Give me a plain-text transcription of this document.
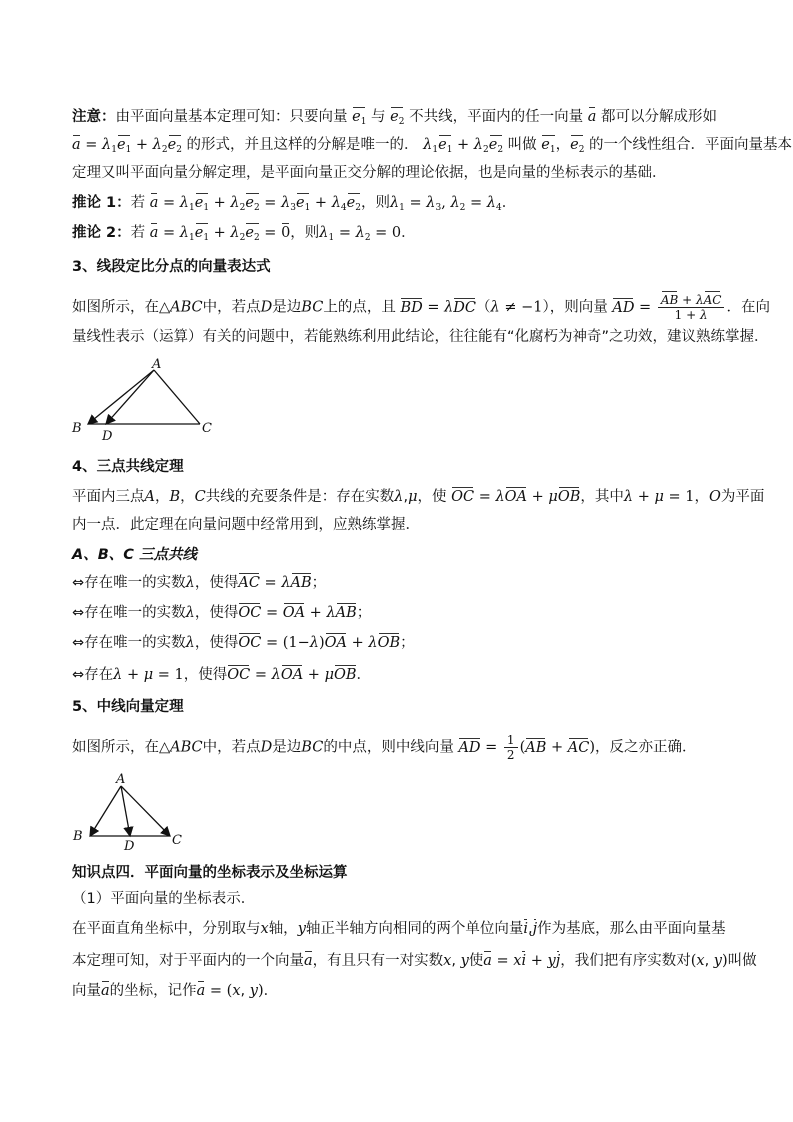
注意：由平面向量基本定理可知：只要向量 $e_1$ 与 $e_2$ 不共线，平面内的任一向量 a 都可以分解成形如
$a = \lambda_1e_1 + \lambda_2e_2$ 的形式，并且这样的分解是唯一的． $\lambda_1e_1 + \lambda_2e_2$ 叫做 $e_1$，$e_2$ 的一个线性组合．平面向量基本
定理又叫平面向量分解定理，是平面向量正交分解的理论依据，也是向量的坐标表示的基础．
推论 1：若 $a = \lambda_1e_1 + \lambda_2e_2 = \lambda_3e_1 + \lambda_4e_2$，则$\lambda_1 = \lambda_3$, $\lambda_2 = \lambda_4$．
推论 2：若 $a = \lambda_1e_1 + \lambda_2e_2 = 0$，则$\lambda_1 = \lambda_2 = 0$．
3、线段定比分点的向量表达式
如图所示，在△ABC中，若点D是边BC上的点，且 BD = λDC（λ ≠ −1），则向量 AD = $\frac{\text{AB + λAC}}{1 + \lambda}$ ．在向
量线性表示（运算）有关的问题中，若能熟练利用此结论，往往能有“化腐朽为神奇”之功效，建议熟练掌握．
4、三点共线定理
平面内三点A，B，C共线的充要条件是：存在实数λ,μ，使 OC = λOA + μOB，其中λ + μ = 1，O为平面
内一点．此定理在向量问题中经常用到，应熟练掌握．
A、B、C 三点共线
⇔存在唯一的实数λ，使得AC = λAB；
⇔存在唯一的实数λ，使得OC = OA + λAB；
⇔存在唯一的实数λ，使得OC = (1−λ)OA + λOB；
⇔存在λ + μ = 1，使得OC = λOA + μOB．
5、中线向量定理
如图所示，在△ABC中，若点D是边BC的中点，则中线向量 AD = $\frac{1}{2} (AB + AC)$，反之亦正确．
知识点四．平面向量的坐标表示及坐标运算
（1）平面向量的坐标表示．
在平面直角坐标中，分别取与x轴，y轴正半轴方向相同的两个单位向量i,j作为基底，那么由平面向量基
本定理可知，对于平面内的一个向量a，有且只有一对实数x, y使a = xi + yj，我们把有序实数对(x, y)叫做
向量a的坐标，记作a = (x, y)．
A
B
D
C
A
B
D	C
